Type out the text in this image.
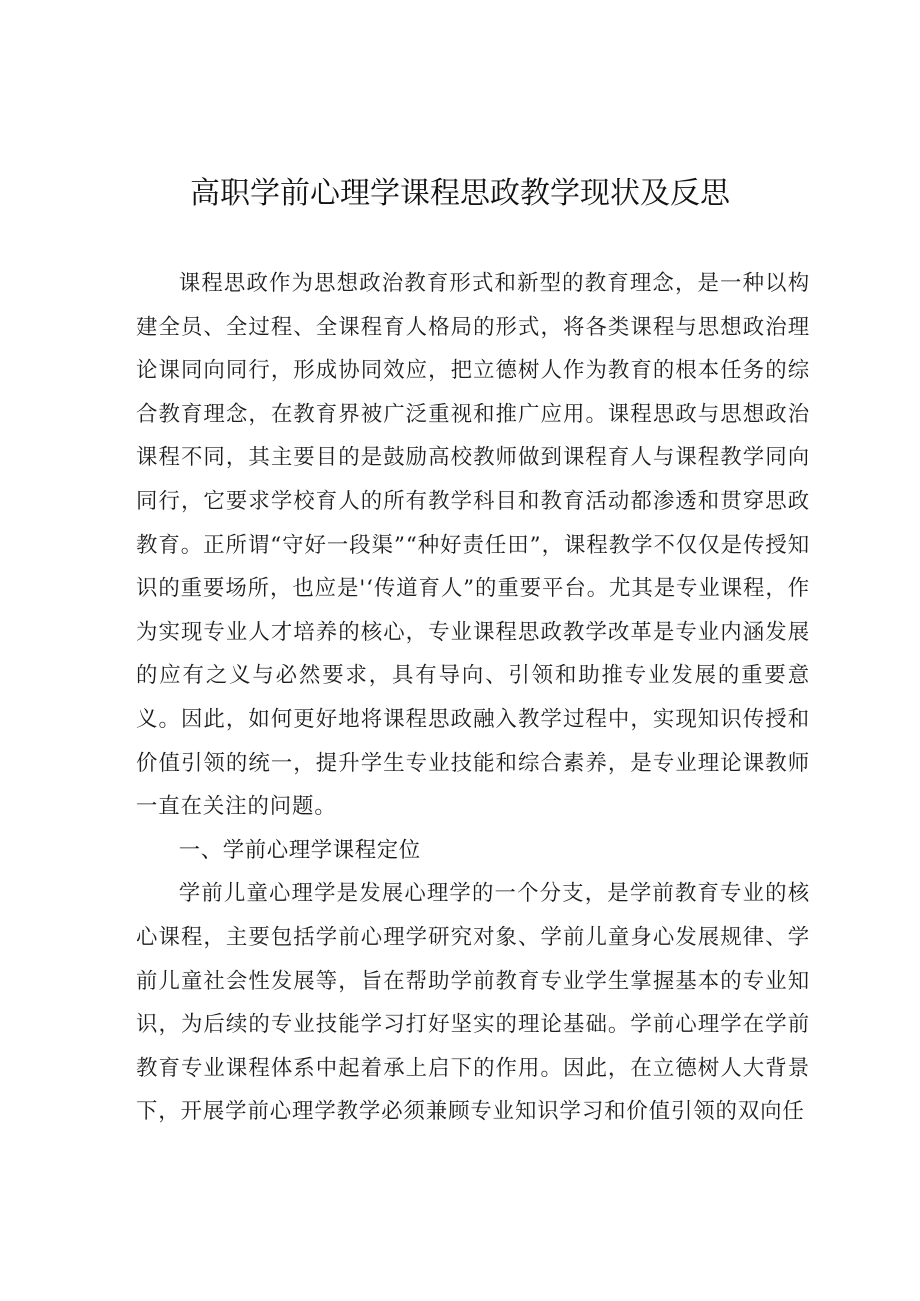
高职学前心理学课程思政教学现状及反思

课程思政作为思想政治教育形式和新型的教育理念，是一种以构建全员、全过程、全课程育人格局的形式，将各类课程与思想政治理论课同向同行，形成协同效应，把立德树人作为教育的根本任务的综合教育理念，在教育界被广泛重视和推广应用。课程思政与思想政治课程不同，其主要目的是鼓励高校教师做到课程育人与课程教学同向同行，它要求学校育人的所有教学科目和教育活动都渗透和贯穿思政教育。正所谓“守好一段渠”“种好责任田”，课程教学不仅仅是传授知识的重要场所，也应是'‘传道育人”的重要平台。尤其是专业课程，作为实现专业人才培养的核心，专业课程思政教学改革是专业内涵发展的应有之义与必然要求，具有导向、引领和助推专业发展的重要意义。因此，如何更好地将课程思政融入教学过程中，实现知识传授和价值引领的统一，提升学生专业技能和综合素养，是专业理论课教师一直在关注的问题。

一、学前心理学课程定位

学前儿童心理学是发展心理学的一个分支，是学前教育专业的核心课程，主要包括学前心理学研究对象、学前儿童身心发展规律、学前儿童社会性发展等，旨在帮助学前教育专业学生掌握基本的专业知识，为后续的专业技能学习打好坚实的理论基础。学前心理学在学前教育专业课程体系中起着承上启下的作用。因此，在立德树人大背景下，开展学前心理学教学必须兼顾专业知识学习和价值引领的双向任
